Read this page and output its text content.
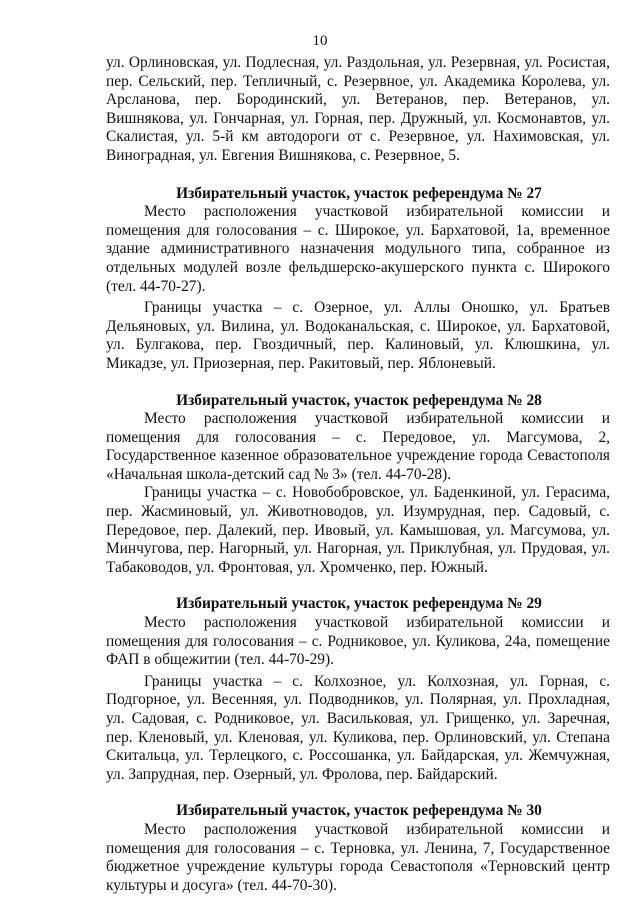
10

ул. Орлиновская, ул. Подлесная, ул. Раздольная, ул. Резервная, ул. Росистая, пер. Сельский, пер. Тепличный, с. Резервное, ул. Академика Королева, ул. Арсланова, пер. Бородинский, ул. Ветеранов, пер. Ветеранов, ул. Вишнякова, ул. Гончарная, ул. Горная, пер. Дружный, ул. Космонавтов, ул. Скалистая, ул. 5-й км автодороги от с. Резервное, ул. Нахимовская, ул. Виноградная, ул. Евгения Вишнякова, с. Резервное, 5.

Избирательный участок, участок референдума № 27

Место расположения участковой избирательной комиссии и помещения для голосования – с. Широкое, ул. Бархатовой, 1а, временное здание административного назначения модульного типа, собранное из отдельных модулей возле фельдшерско-акушерского пункта с. Широкого (тел. 44-70-27).

Границы участка – с. Озерное, ул. Аллы Оношко, ул. Братьев Дельяновых, ул. Вилина, ул. Водоканальская, с. Широкое, ул. Бархатовой, ул. Булгакова, пер. Гвоздичный, пер. Калиновый, ул. Клюшкина, ул. Микадзе, ул. Приозерная, пер. Ракитовый, пер. Яблоневый.

Избирательный участок, участок референдума № 28

Место расположения участковой избирательной комиссии и помещения для голосования – с. Передовое, ул. Магсумова, 2, Государственное казенное образовательное учреждение города Севастополя «Начальная школа-детский сад № 3» (тел. 44-70-28).

Границы участка – с. Новобобровское, ул. Баденкиной, ул. Герасима, пер. Жасминовый, ул. Животноводов, ул. Изумрудная, пер. Садовый, с. Передовое, пер. Далекий, пер. Ивовый, ул. Камышовая, ул. Магсумова, ул. Минчугова, пер. Нагорный, ул. Нагорная, ул. Приклубная, ул. Прудовая, ул. Табаководов, ул. Фронтовая, ул. Хромченко, пер. Южный.

Избирательный участок, участок референдума № 29

Место расположения участковой избирательной комиссии и помещения для голосования – с. Родниковое, ул. Куликова, 24а, помещение ФАП в общежитии (тел. 44-70-29).

Границы участка – с. Колхозное, ул. Колхозная, ул. Горная, с. Подгорное, ул. Весенняя, ул. Подводников, ул. Полярная, ул. Прохладная, ул. Садовая, с. Родниковое, ул. Васильковая, ул. Грищенко, ул. Заречная, пер. Кленовый, ул. Кленовая, ул. Куликова, пер. Орлиновский, ул. Степана Скитальца, ул. Терлецкого, с. Россошанка, ул. Байдарская, ул. Жемчужная, ул. Запрудная, пер. Озерный, ул. Фролова, пер. Байдарский.

Избирательный участок, участок референдума № 30

Место расположения участковой избирательной комиссии и помещения для голосования – с. Терновка, ул. Ленина, 7, Государственное бюджетное учреждение культуры города Севастополя «Терновский центр культуры и досуга» (тел. 44-70-30).
